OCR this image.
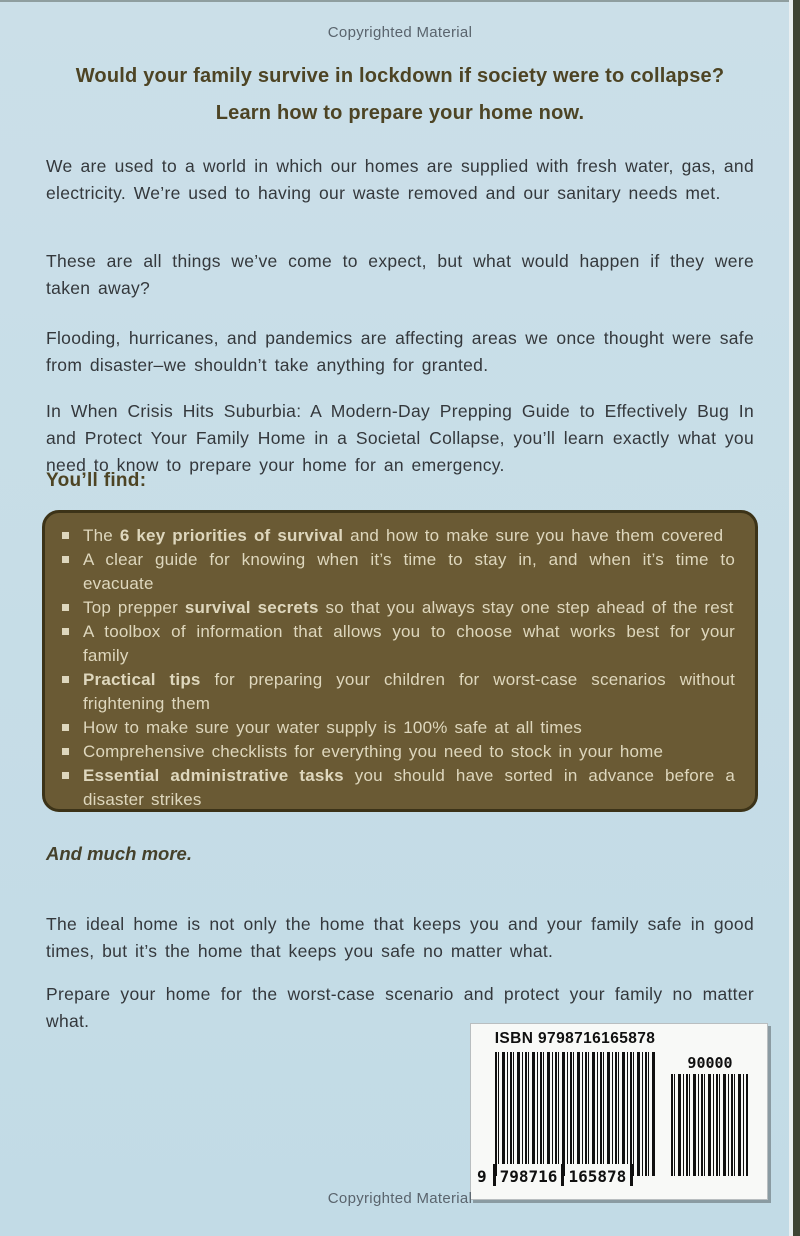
Copyrighted Material
Would your family survive in lockdown if society were to collapse?
Learn how to prepare your home now.

We are used to a world in which our homes are supplied with fresh water, gas, and electricity. We’re used to having our waste removed and our sanitary needs met.

These are all things we’ve come to expect, but what would happen if they were taken away?

Flooding, hurricanes, and pandemics are affecting areas we once thought were safe from disaster–we shouldn’t take anything for granted.

In When Crisis Hits Suburbia: A Modern-Day Prepping Guide to Effectively Bug In and Protect Your Family Home in a Societal Collapse, you’ll learn exactly what you need to know to prepare your home for an emergency.

You’ll find:
The 6 key priorities of survival and how to make sure you have them covered
A clear guide for knowing when it’s time to stay in, and when it’s time to evacuate
Top prepper survival secrets so that you always stay one step ahead of the rest
A toolbox of information that allows you to choose what works best for your family
Practical tips for preparing your children for worst-case scenarios without frightening them
How to make sure your water supply is 100% safe at all times
Comprehensive checklists for everything you need to stock in your home
Essential administrative tasks you should have sorted in advance before a disaster strikes
And much more.

The ideal home is not only the home that keeps you and your family safe in good times, but it’s the home that keeps you safe no matter what.

Prepare your home for the worst-case scenario and protect your family no matter what.

ISBN 9798716165878
9 798716 165878
90000
Copyrighted Material
